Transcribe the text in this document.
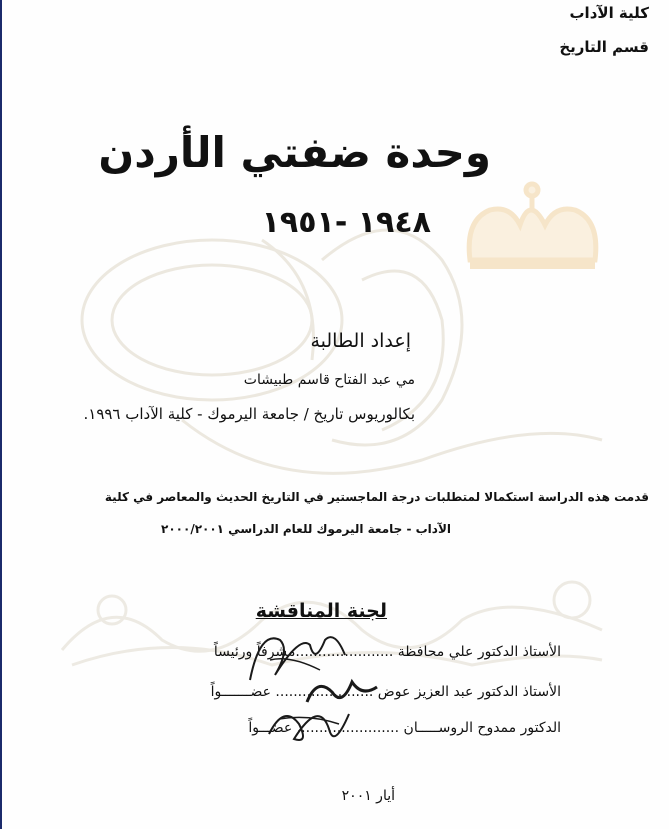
كلية الآداب
قسم التاريخ
وحدة ضفتي الأردن
١٩٤٨ -١٩٥١
إعداد الطالبة
مي عبد الفتاح قاسم طبيشات
بكالوريوس تاريخ / جامعة اليرموك - كلية الآداب ١٩٩٦.
قدمت هذه الدراسة استكمالا لمتطلبات درجة الماجستير في التاريخ الحديث والمعاصر في كلية
الآداب - جامعة اليرموك للعام الدراسي ٢٠٠٠/٢٠٠١
لجنة المناقشة
الأستاذ الدكتور علي محافظة ......................مشرفاً ورئيساً
الأستاذ الدكتور عبد العزيز عوض ...................... عضـــــــواً
الدكتور ممدوح الروســـــان ....................... عضـــواً
أيار ٢٠٠١
